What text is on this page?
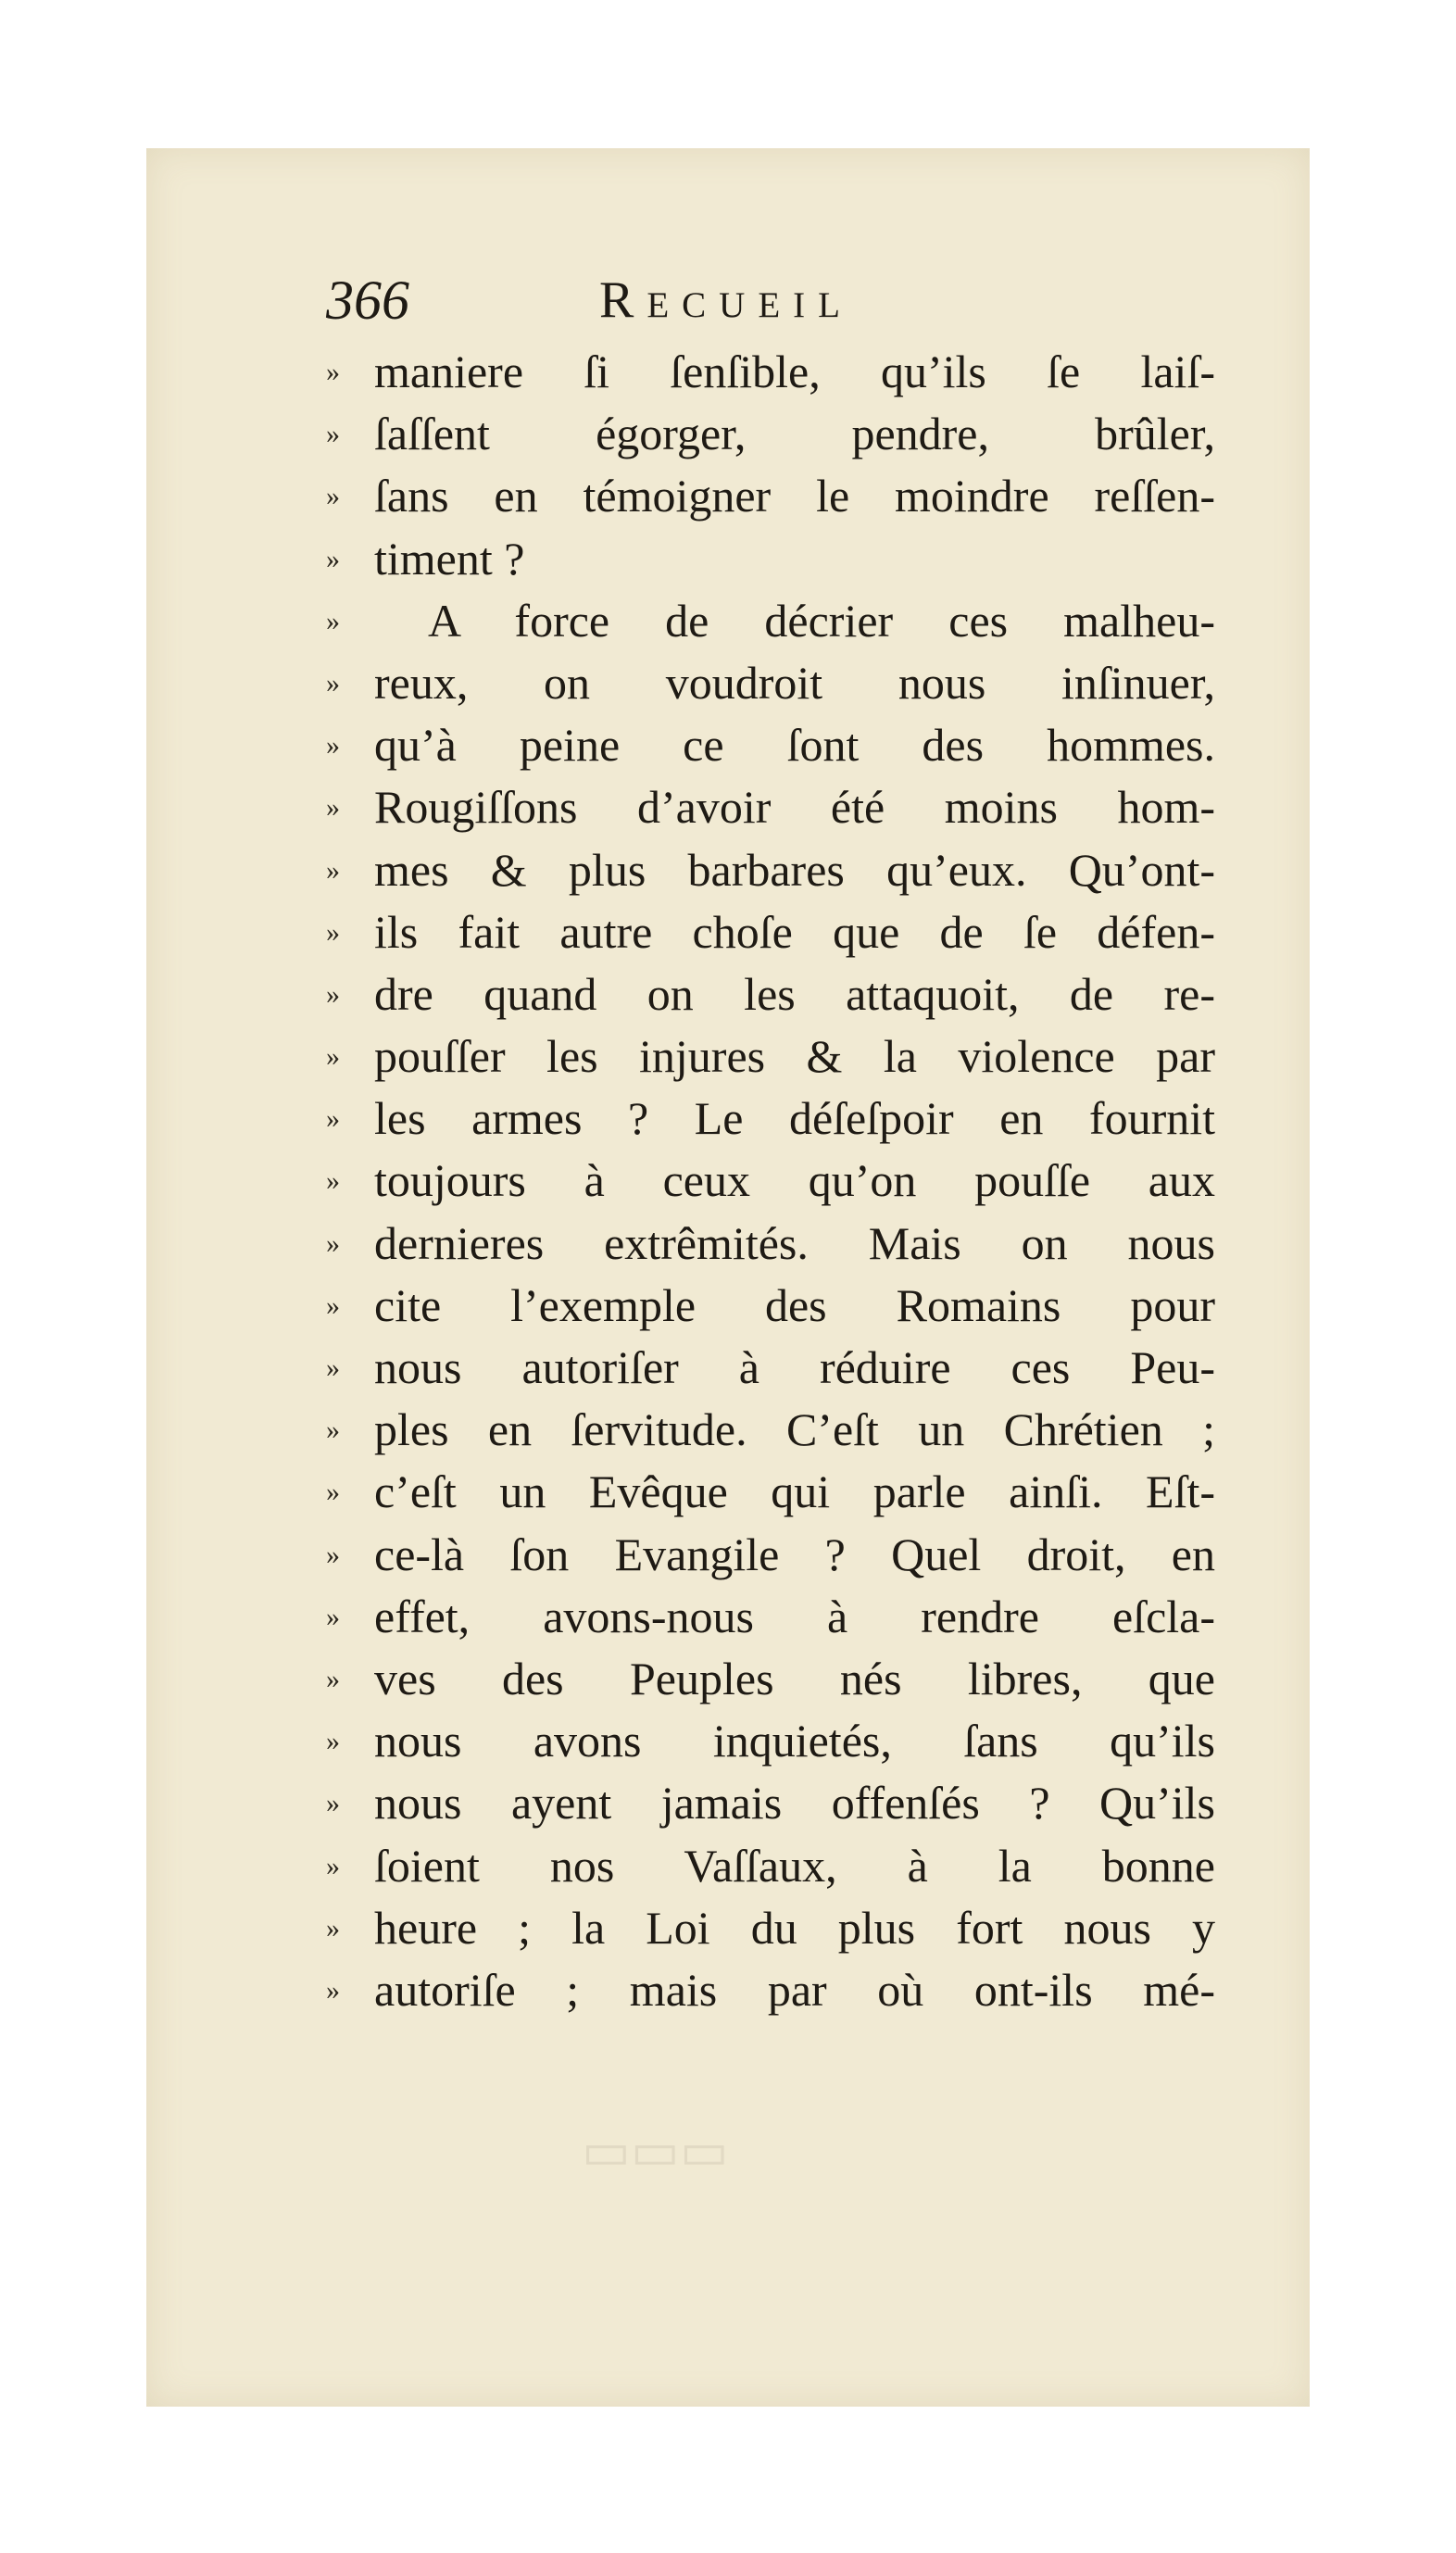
▭▭▭
366	Recueil
» maniere ſi ſenſible, qu’ils ſe laiſ-
» ſaſſent égorger, pendre, brûler,
» ſans en témoigner le moindre reſſen-
» timent ?
»	A force de décrier ces malheu-
» reux, on voudroit nous inſinuer,
» qu’à peine ce ſont des hommes.
» Rougiſſons d’avoir été moins hom-
» mes & plus barbares qu’eux. Qu’ont-
» ils fait autre choſe que de ſe défen-
» dre quand on les attaquoit, de re-
» pouſſer les injures & la violence par
» les armes ? Le déſeſpoir en fournit
» toujours à ceux qu’on pouſſe aux
» dernieres extrêmités. Mais on nous
» cite l’exemple des Romains pour
» nous autoriſer à réduire ces Peu-
» ples en ſervitude. C’eſt un Chrétien ;
» c’eſt un Evêque qui parle ainſi. Eſt-
» ce-là ſon Evangile ? Quel droit, en
» effet, avons-nous à rendre eſcla-
» ves des Peuples nés libres, que
» nous avons inquietés, ſans qu’ils
» nous ayent jamais offenſés ? Qu’ils
» ſoient nos Vaſſaux, à la bonne
» heure ; la Loi du plus fort nous y
» autoriſe ; mais par où ont-ils mé-
